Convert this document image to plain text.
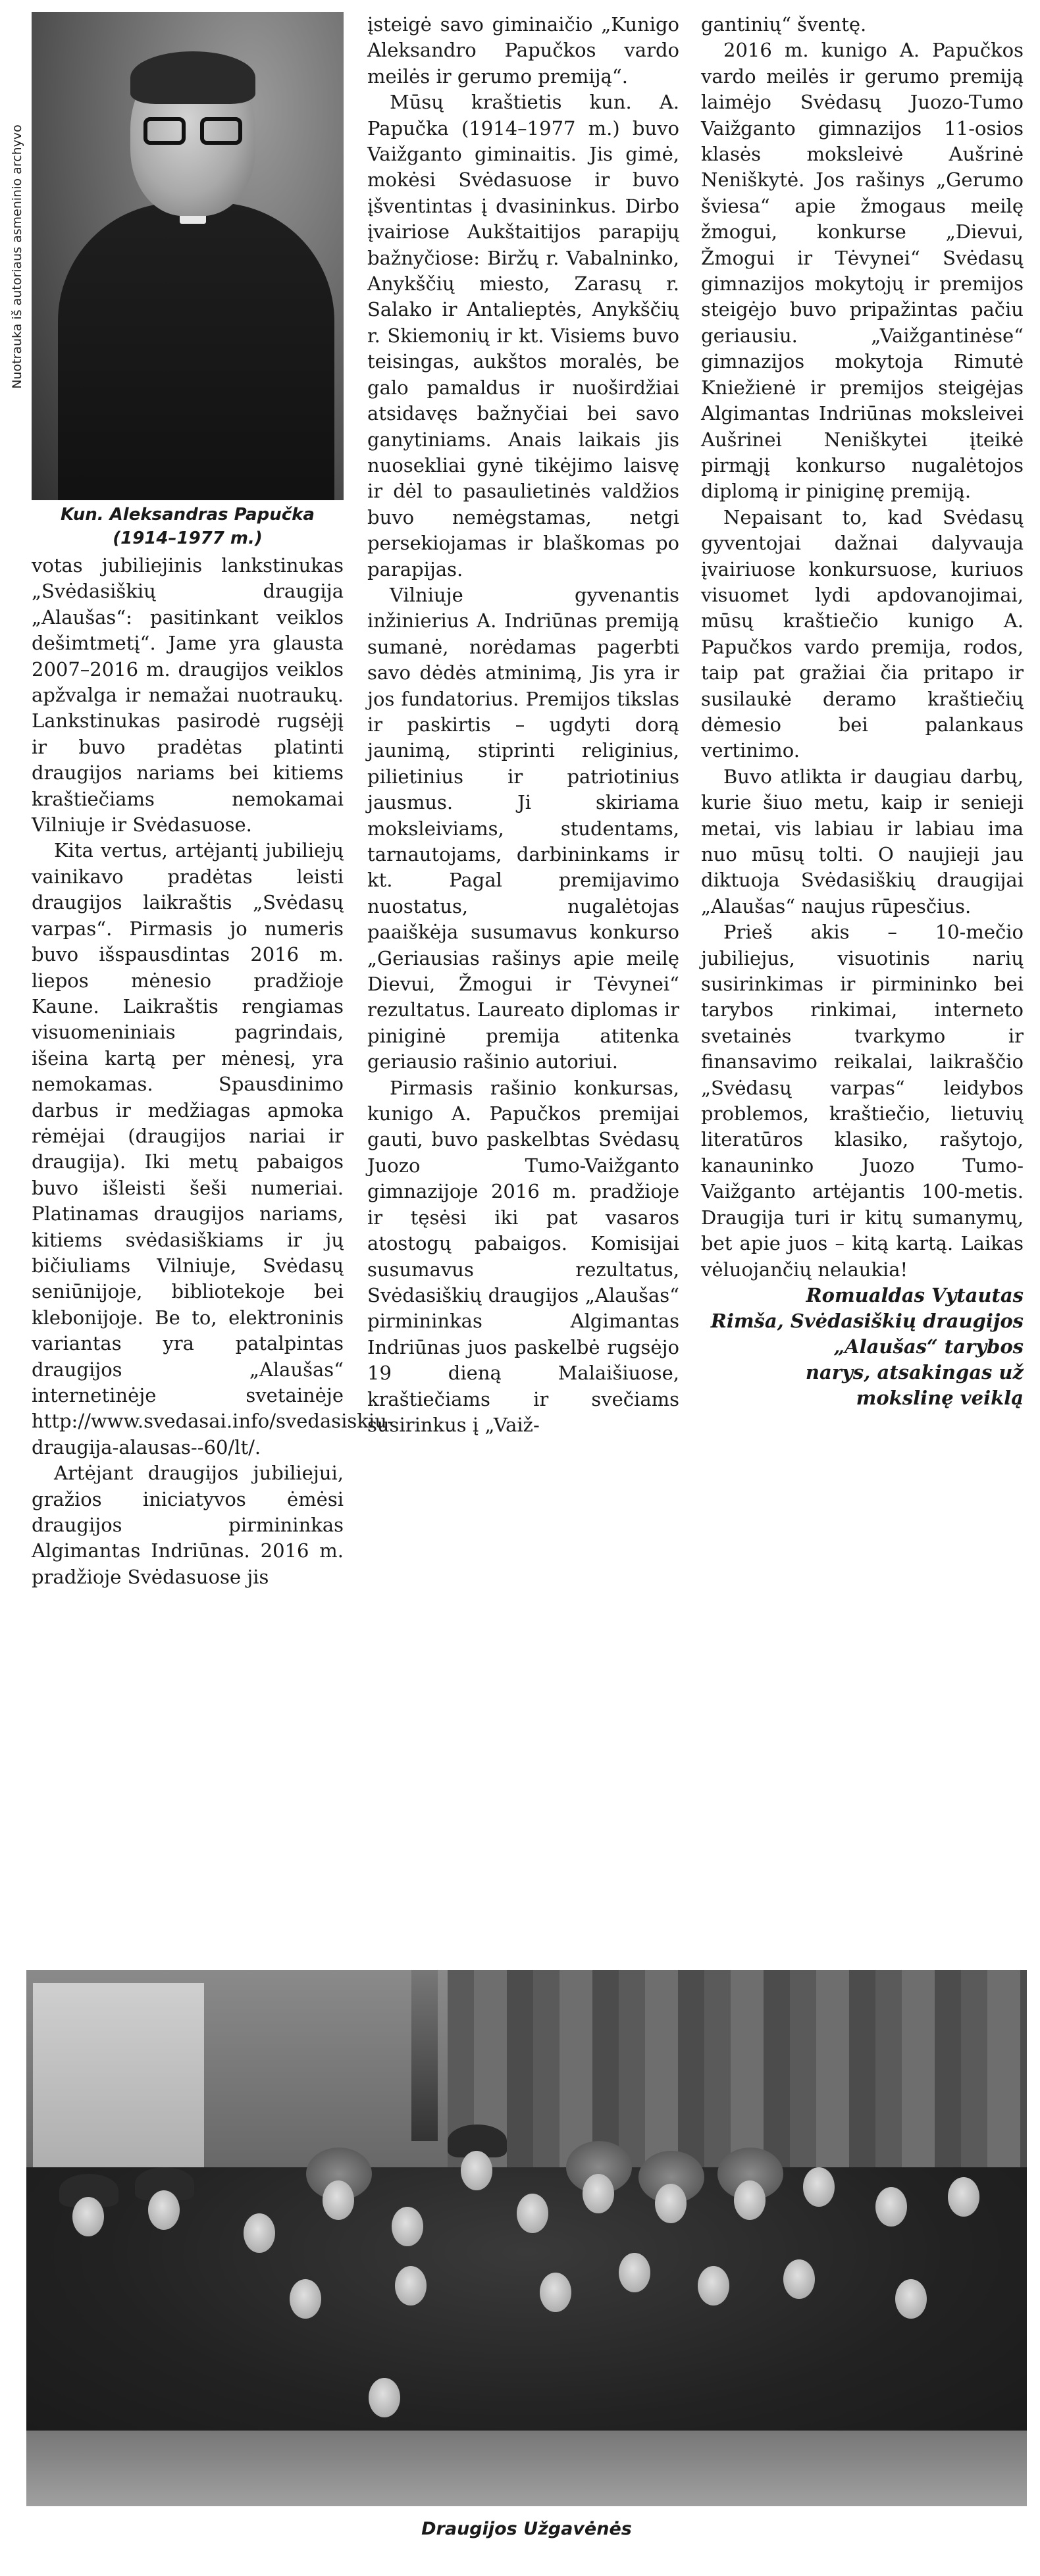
Nuotrauka iš autoriaus asmeninio archyvo
Kun. Aleksandras Papučka
(1914–1977 m.)

votas jubiliejinis lankstinukas „Svėdasiškių draugija „Alaušas“: pasitinkant veiklos dešimtmetį“. Jame yra glausta 2007–2016 m. draugijos veiklos apžvalga ir nemažai nuotraukų. Lankstinukas pasirodė rugsėjį ir buvo pradėtas platinti draugijos nariams bei kitiems kraštiečiams nemokamai Vilniuje ir Svėdasuose.

Kita vertus, artėjantį jubiliejų vainikavo pradėtas leisti draugijos laikraštis „Svėdasų varpas“. Pirmasis jo numeris buvo išspausdintas 2016 m. liepos mėnesio pradžioje Kaune. Laikraštis rengiamas visuomeniniais pagrindais, išeina kartą per mėnesį, yra nemokamas. Spausdinimo darbus ir medžiagas apmoka rėmėjai (draugijos nariai ir draugija). Iki metų pabaigos buvo išleisti šeši numeriai. Platinamas draugijos nariams, kitiems svėdasiškiams ir jų bičiuliams Vilniuje, Svėdasų seniūnijoje, bibliotekoje bei klebonijoje. Be to, elektroninis variantas yra patalpintas draugijos „Alaušas“ internetinėje svetainėje http://www.svedasai.info/svedasiskiu-draugija-alausas--60/lt/.

Artėjant draugijos jubiliejui, gražios iniciatyvos ėmėsi draugijos pirmininkas Algimantas Indriūnas. 2016 m. pradžioje Svėdasuose jis

įsteigė savo giminaičio „Kunigo Aleksandro Papučkos vardo meilės ir gerumo premiją“.

Mūsų kraštietis kun. A. Papučka (1914–1977 m.) buvo Vaižganto giminaitis. Jis gimė, mokėsi Svėdasuose ir buvo įšventintas į dvasininkus. Dirbo įvairiose Aukštaitijos parapijų bažnyčiose: Biržų r. Vabalninko, Anykščių miesto, Zarasų r. Salako ir Antalieptės, Anykščių r. Skiemonių ir kt. Visiems buvo teisingas, aukštos moralės, be galo pamaldus ir nuoširdžiai atsidavęs bažnyčiai bei savo ganytiniams. Anais laikais jis nuosekliai gynė tikėjimo laisvę ir dėl to pasaulietinės valdžios buvo nemėgstamas, netgi persekiojamas ir blaškomas po parapijas.

Vilniuje gyvenantis inžinierius A. Indriūnas premiją sumanė, norėdamas pagerbti savo dėdės atminimą, Jis yra ir jos fundatorius. Premijos tikslas ir paskirtis – ugdyti dorą jaunimą, stiprinti religinius, pilietinius ir patriotinius jausmus. Ji skiriama moksleiviams, studentams, tarnautojams, darbininkams ir kt. Pagal premijavimo nuostatus, nugalėtojas paaiškėja susumavus konkurso „Geriausias rašinys apie meilę Dievui, Žmogui ir Tėvynei“ rezultatus. Laureato diplomas ir piniginė premija atitenka geriausio rašinio autoriui.

Pirmasis rašinio konkursas, kunigo A. Papučkos premijai gauti, buvo paskelbtas Svėdasų Juozo Tumo-Vaižganto gimnazijoje 2016 m. pradžioje ir tęsėsi iki pat vasaros atostogų pabaigos. Komisijai susumavus rezultatus, Svėdasiškių draugijos „Alaušas“ pirmininkas Algimantas Indriūnas juos paskelbė rugsėjo 19 dieną Malaišiuose, kraštiečiams ir svečiams susirinkus į „Vaiž-

gantinių“ šventę.

2016 m. kunigo A. Papučkos vardo meilės ir gerumo premiją laimėjo Svėdasų Juozo-Tumo Vaižganto gimnazijos 11-osios klasės moksleivė Aušrinė Neniškytė. Jos rašinys „Gerumo šviesa“ apie žmogaus meilę žmogui, konkurse „Dievui, Žmogui ir Tėvynei“ Svėdasų gimnazijos mokytojų ir premijos steigėjo buvo pripažintas pačiu geriausiu. „Vaižgantinėse“ gimnazijos mokytoja Rimutė Kniežienė ir premijos steigėjas Algimantas Indriūnas moksleivei Aušrinei Neniškytei įteikė pirmąjį konkurso nugalėtojos diplomą ir piniginę premiją.

Nepaisant to, kad Svėdasų gyventojai dažnai dalyvauja įvairiuose konkursuose, kuriuos visuomet lydi apdovanojimai, mūsų kraštiečio kunigo A. Papučkos vardo premija, rodos, taip pat gražiai čia pritapo ir susilaukė deramo kraštiečių dėmesio bei palankaus vertinimo.

Buvo atlikta ir daugiau darbų, kurie šiuo metu, kaip ir senieji metai, vis labiau ir labiau ima nuo mūsų tolti. O naujieji jau diktuoja Svėdasiškių draugijai „Alaušas“ naujus rūpesčius.

Prieš akis – 10-mečio jubiliejus, visuotinis narių susirinkimas ir pirmininko bei tarybos rinkimai, interneto svetainės tvarkymo ir finansavimo reikalai, laikraščio „Svėdasų varpas“ leidybos problemos, kraštiečio, lietuvių literatūros klasiko, rašytojo, kanauninko Juozo Tumo-Vaižganto artėjantis 100-metis. Draugija turi ir kitų sumanymų, bet apie juos – kitą kartą. Laikas vėluojančių nelaukia!

Romualdas Vytautas
Rimša, Svėdasiškių draugijos „Alaušas“ tarybos
narys, atsakingas už
mokslinę veiklą

Draugijos Užgavėnės
